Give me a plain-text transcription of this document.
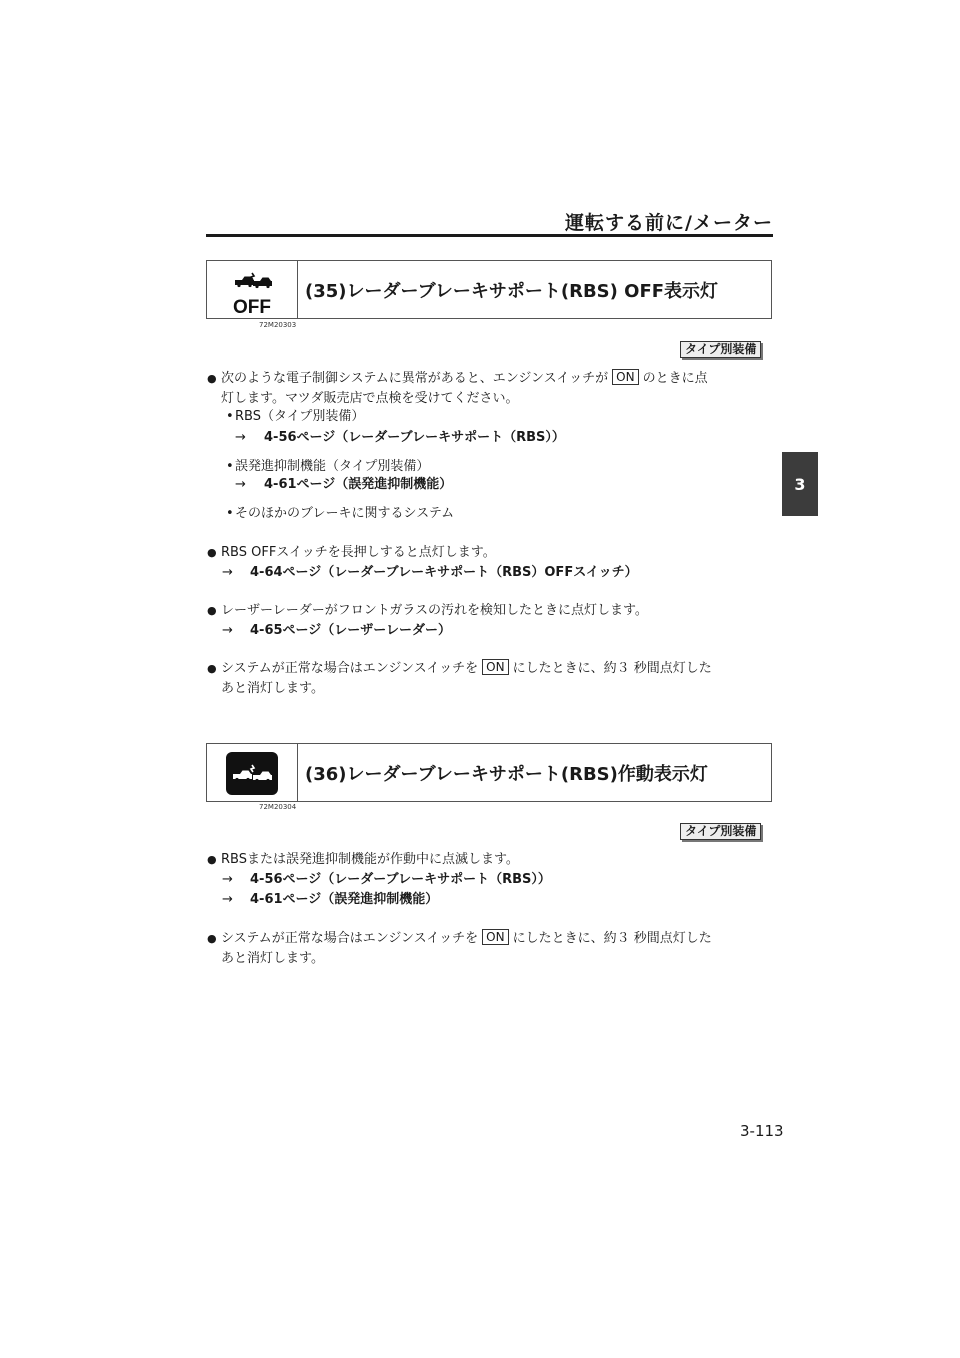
運転する前に/メーター
3
OFF
(35)レーダーブレーキサポート(RBS) OFF表示灯
72M20303
タイプ別装備
● 次のような電子制御システムに異常があると、エンジンスイッチが ON のときに点
灯します。マツダ販売店で点検を受けてください。
• RBS（タイプ別装備）
→ 4-56ページ（レーダーブレーキサポート（RBS））
• 誤発進抑制機能（タイプ別装備）
→ 4-61ページ（誤発進抑制機能）
• そのほかのブレーキに関するシステム
● RBS OFFスイッチを長押しすると点灯します。
→ 4-64ページ（レーダーブレーキサポート（RBS）OFFスイッチ）
● レーザーレーダーがフロントガラスの汚れを検知したときに点灯します。
→ 4-65ページ（レーザーレーダー）
● システムが正常な場合はエンジンスイッチを ON にしたときに、約３ 秒間点灯した
あと消灯します。
(36)レーダーブレーキサポート(RBS)作動表示灯
72M20304
タイプ別装備
● RBSまたは誤発進抑制機能が作動中に点滅します。
→ 4-56ページ（レーダーブレーキサポート（RBS））
→ 4-61ページ（誤発進抑制機能）
● システムが正常な場合はエンジンスイッチを ON にしたときに、約３ 秒間点灯した
あと消灯します。
3-113
